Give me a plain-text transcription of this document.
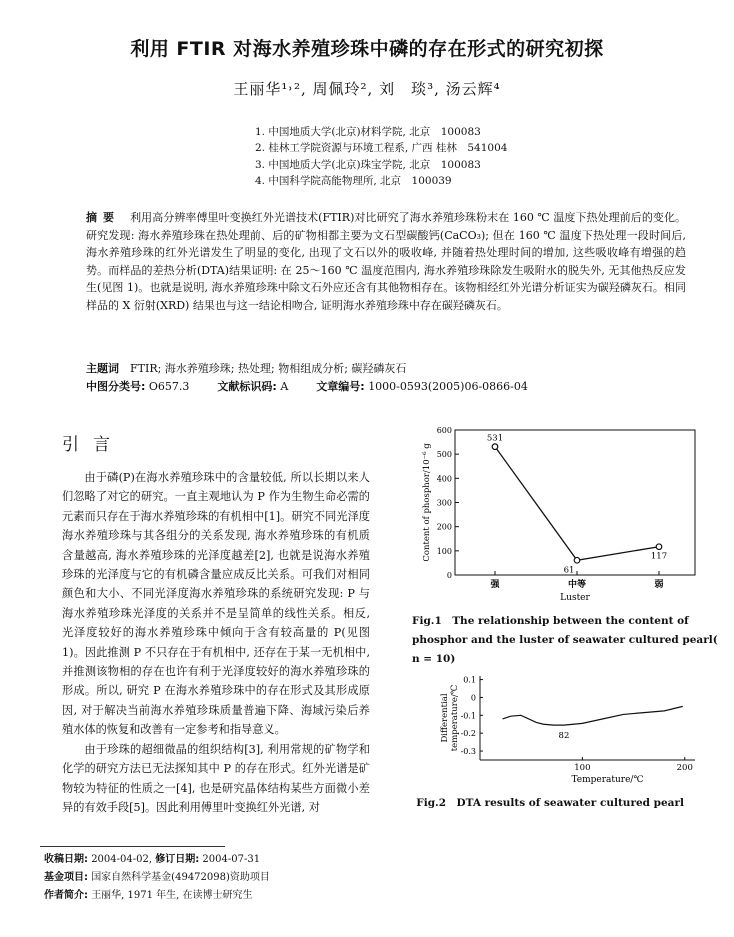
利用 FTIR 对海水养殖珍珠中磷的存在形式的研究初探
王丽华¹˒², 周佩玲², 刘　琰³, 汤云辉⁴
1. 中国地质大学(北京)材料学院, 北京　100083
2. 桂林工学院资源与环境工程系, 广西 桂林　541004
3. 中国地质大学(北京)珠宝学院, 北京　100083
4. 中国科学院高能物理所, 北京　100039
摘要 利用高分辨率傅里叶变换红外光谱技术(FTIR)对比研究了海水养殖珍珠粉末在 160 ℃ 温度下热处理前后的变化。研究发现: 海水养殖珍珠在热处理前、后的矿物相都主要为文石型碳酸钙(CaCO₃); 但在 160 ℃ 温度下热处理一段时间后, 海水养殖珍珠的红外光谱发生了明显的变化, 出现了文石以外的吸收峰, 并随着热处理时间的增加, 这些吸收峰有增强的趋势。而样品的差热分析(DTA)结果证明: 在 25～160 ℃ 温度范围内, 海水养殖珍珠除发生吸附水的脱失外, 无其他热反应发生(见图 1)。也就是说明, 海水养殖珍珠中除文石外应还含有其他物相存在。该物相经红外光谱分析证实为碳羟磷灰石。相同样品的 X 衍射(XRD) 结果也与这一结论相吻合, 证明海水养殖珍珠中存在碳羟磷灰石。
主题词　 FTIR; 海水养殖珍珠; 热处理; 物相组成分析; 碳羟磷灰石
中图分类号: O657.3	文献标识码: A	文章编号: 1000-0593(2005)06-0866-04
引言

由于磷(P)在海水养殖珍珠中的含量较低, 所以长期以来人们忽略了对它的研究。一直主观地认为 P 作为生物生命必需的元素而只存在于海水养殖珍珠的有机相中[1]。研究不同光泽度海水养殖珍珠与其各组分的关系发现, 海水养殖珍珠的有机质含量越高, 海水养殖珍珠的光泽度越差[2], 也就是说海水养殖珍珠的光泽度与它的有机磷含量应成反比关系。可我们对相同颜色和大小、不同光泽度海水养殖珍珠的系统研究发现: P 与海水养殖珍珠光泽度的关系并不是呈简单的线性关系。相反, 光泽度较好的海水养殖珍珠中倾向于含有较高量的 P(见图 1)。因此推测 P 不只存在于有机相中, 还存在于某一无机相中, 并推测该物相的存在也许有利于光泽度较好的海水养殖珍珠的形成。所以, 研究 P 在海水养殖珍珠中的存在形式及其形成原因, 对于解决当前海水养殖珍珠质量普遍下降、海域污染后养殖水体的恢复和改善有一定参考和指导意义。

由于珍珠的超细微晶的组织结构[3], 利用常规的矿物学和化学的研究方法已无法探知其中 P 的存在形式。红外光谱是矿物较为特征的性质之一[4], 也是研究晶体结构某些方面微小差异的有效手段[5]。因此利用傅里叶变换红外光谱, 对

0
100
200
300
400
500
600
强	中等	弱
Luster
Content of phosphor/10⁻⁶ g
531
61
117
Fig.1　The relationship between the content of phosphor and the luster of seawater cultured pearl( n = 10)
0.1
0
-0.1
-0.2
-0.3
100	200
Temperature/℃
Differential temperature/℃	82
Fig.2　DTA results of seawater cultured pearl
收稿日期: 2004-04-02, 修订日期: 2004-07-31
基金项目: 国家自然科学基金(49472098)资助项目
作者简介: 王丽华, 1971 年生, 在读博士研究生
